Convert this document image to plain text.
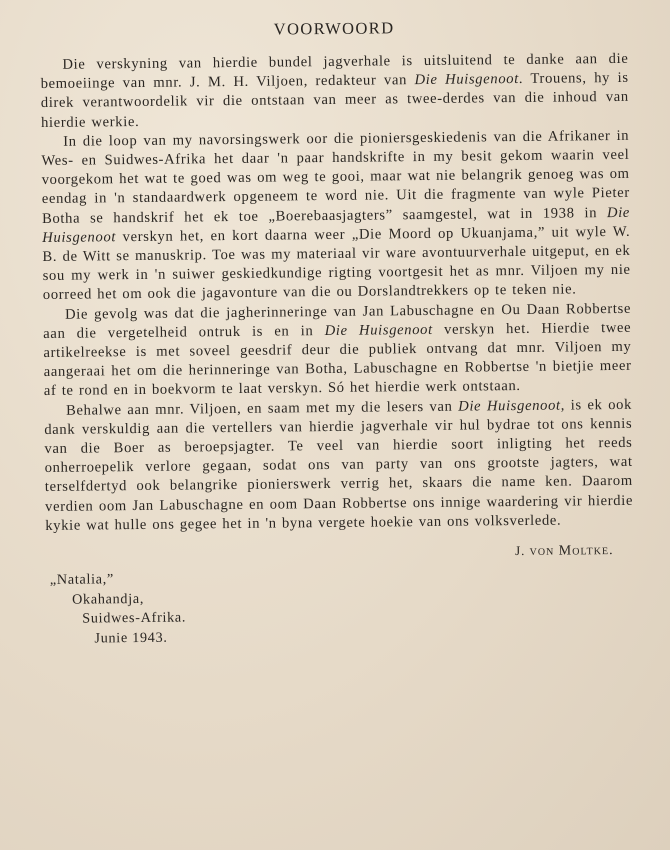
VOORWOORD

Die verskyning van hierdie bundel jagverhale is uitsluitend te danke aan die bemoeiinge van mnr. J. M. H. Viljoen, redakteur van Die Huisgenoot. Trouens, hy is direk verantwoordelik vir die ontstaan van meer as twee-derdes van die inhoud van hierdie werkie.

In die loop van my navorsingswerk oor die pioniersgeskiedenis van die Afrikaner in Wes- en Suidwes-Afrika het daar 'n paar handskrifte in my besit gekom waarin veel voorgekom het wat te goed was om weg te gooi, maar wat nie belangrik genoeg was om eendag in 'n standaardwerk opgeneem te word nie. Uit die fragmente van wyle Pieter Botha se handskrif het ek toe „Boerebaasjagters” saamgestel, wat in 1938 in Die Huisgenoot verskyn het, en kort daarna weer „Die Moord op Ukuanjama,” uit wyle W. B. de Witt se manuskrip. Toe was my materiaal vir ware avontuurverhale uitgeput, en ek sou my werk in 'n suiwer geskiedkundige rigting voortgesit het as mnr. Viljoen my nie oorreed het om ook die jagavonture van die ou Dorslandtrekkers op te teken nie.

Die gevolg was dat die jagherinneringe van Jan Labuschagne en Ou Daan Robbertse aan die vergetelheid ontruk is en in Die Huisgenoot verskyn het. Hierdie twee artikelreekse is met soveel geesdrif deur die publiek ontvang dat mnr. Viljoen my aangeraai het om die herinneringe van Botha, Labuschagne en Robbertse 'n bietjie meer af te rond en in boekvorm te laat verskyn. Só het hierdie werk ontstaan.

Behalwe aan mnr. Viljoen, en saam met my die lesers van Die Huisgenoot, is ek ook dank verskuldig aan die vertellers van hierdie jagverhale vir hul bydrae tot ons kennis van die Boer as beroepsjagter. Te veel van hierdie soort inligting het reeds onherroepelik verlore gegaan, sodat ons van party van ons grootste jagters, wat terselfdertyd ook belangrike pionierswerk verrig het, skaars die name ken. Daarom verdien oom Jan Labuschagne en oom Daan Robbertse ons innige waardering vir hierdie kykie wat hulle ons gegee het in 'n byna vergete hoekie van ons volksverlede.

J. von Moltke.
„Natalia,”
Okahandja,
Suidwes-Afrika.
Junie 1943.
